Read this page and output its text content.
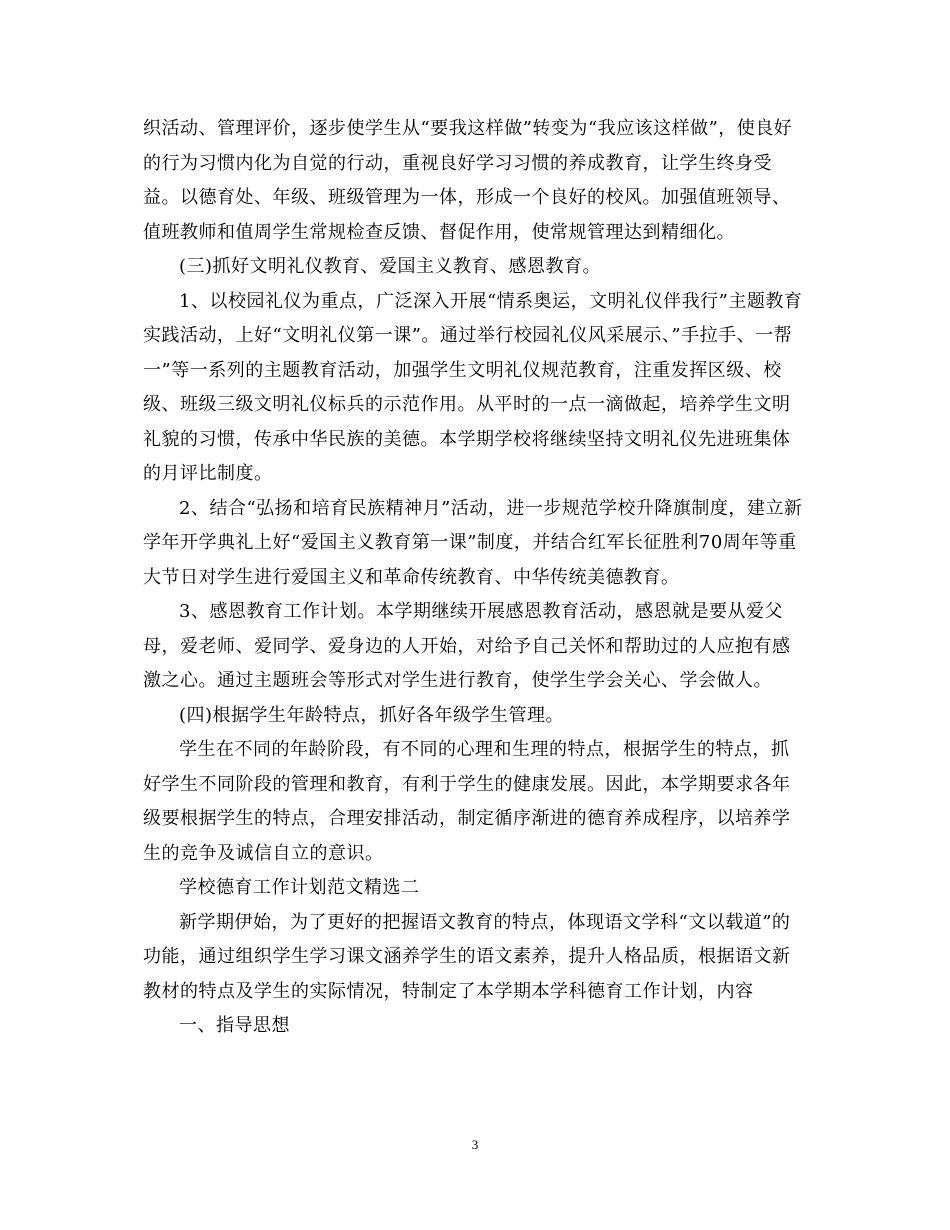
织活动、管理评价，逐步使学生从“要我这样做”转变为“我应该这样做”，使良好

的行为习惯内化为自觉的行动，重视良好学习习惯的养成教育，让学生终身受

益。以德育处、年级、班级管理为一体，形成一个良好的校风。加强值班领导、

值班教师和值周学生常规检查反馈、督促作用，使常规管理达到精细化。

(三)抓好文明礼仪教育、爱国主义教育、感恩教育。

1、以校园礼仪为重点，广泛深入开展“情系奥运，文明礼仪伴我行”主题教育

实践活动，上好“文明礼仪第一课”。通过举行校园礼仪风采展示、”手拉手、一帮

一”等一系列的主题教育活动，加强学生文明礼仪规范教育，注重发挥区级、校

级、班级三级文明礼仪标兵的示范作用。从平时的一点一滴做起，培养学生文明

礼貌的习惯，传承中华民族的美德。本学期学校将继续坚持文明礼仪先进班集体

的月评比制度。

2、结合“弘扬和培育民族精神月”活动，进一步规范学校升降旗制度，建立新

学年开学典礼上好“爱国主义教育第一课”制度，并结合红军长征胜利70周年等重

大节日对学生进行爱国主义和革命传统教育、中华传统美德教育。

3、感恩教育工作计划。本学期继续开展感恩教育活动，感恩就是要从爱父

母，爱老师、爱同学、爱身边的人开始，对给予自己关怀和帮助过的人应抱有感

激之心。通过主题班会等形式对学生进行教育，使学生学会关心、学会做人。

(四)根据学生年龄特点，抓好各年级学生管理。

学生在不同的年龄阶段，有不同的心理和生理的特点，根据学生的特点，抓

好学生不同阶段的管理和教育，有利于学生的健康发展。因此，本学期要求各年

级要根据学生的特点，合理安排活动，制定循序渐进的德育养成程序，以培养学

生的竞争及诚信自立的意识。

学校德育工作计划范文精选二

新学期伊始，为了更好的把握语文教育的特点，体现语文学科“文以载道”的

功能，通过组织学生学习课文涵养学生的语文素养，提升人格品质，根据语文新

教材的特点及学生的实际情况，特制定了本学期本学科德育工作计划，内容

一、指导思想

3
